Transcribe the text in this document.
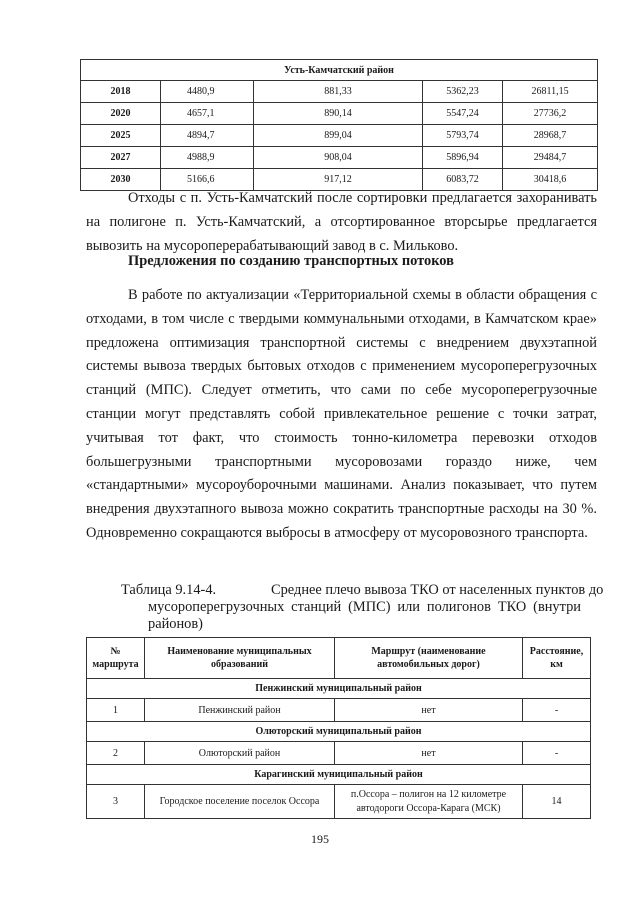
Усть-Камчатский район				
2018	4480,9	881,33	5362,23	26811,15
2020	4657,1	890,14	5547,24	27736,2
2025	4894,7	899,04	5793,74	28968,7
2027	4988,9	908,04	5896,94	29484,7
2030	5166,6	917,12	6083,72	30418,6

Отходы с п. Усть-Камчатский после сортировки предлагается захоранивать на полигоне п. Усть-Камчатский, а отсортированное вторсырье предлагается вывозить на мусороперерабатывающий завод в с. Мильково.

Предложения по созданию транспортных потоков

В работе по актуализации «Территориальной схемы в области обращения с отходами, в том числе с твердыми коммунальными отходами, в Камчатском крае» предложена оптимизация транспортной системы с внедрением двухэтапной системы вывоза твердых бытовых отходов с применением мусороперегрузочных станций (МПС). Следует отметить, что сами по себе мусороперегрузочные станции могут представлять собой привлекательное решение с точки затрат, учитывая тот факт, что стоимость тонно-километра перевозки отходов большегрузными транспортными мусоровозами гораздо ниже, чем «стандартными» мусороуборочными машинами. Анализ показывает, что путем внедрения двухэтапного вывоза можно сократить транспортные расходы на 30 %. Одновременно сокращаются выбросы в атмосферу от мусоровозного транспорта.

Таблица 9.14-4.	Среднее плечо вывоза ТКО от населенных пунктов до
мусороперегрузочных станций (МПС) или полигонов ТКО (внутри районов)
№ маршрута	Наименование муниципальных образований	Маршрут (наименование автомобильных дорог)	Расстояние, км
Пенжинский муниципальный район			
1	Пенжинский район	нет	-
Олюторский муниципальный район			
2	Олюторский район	нет	-
Карагинский муниципальный район			
3	Городское поселение поселок Оссора	п.Оссора – полигон на 12 километре автодороги Оссора-Карага (МСК)	14
195
